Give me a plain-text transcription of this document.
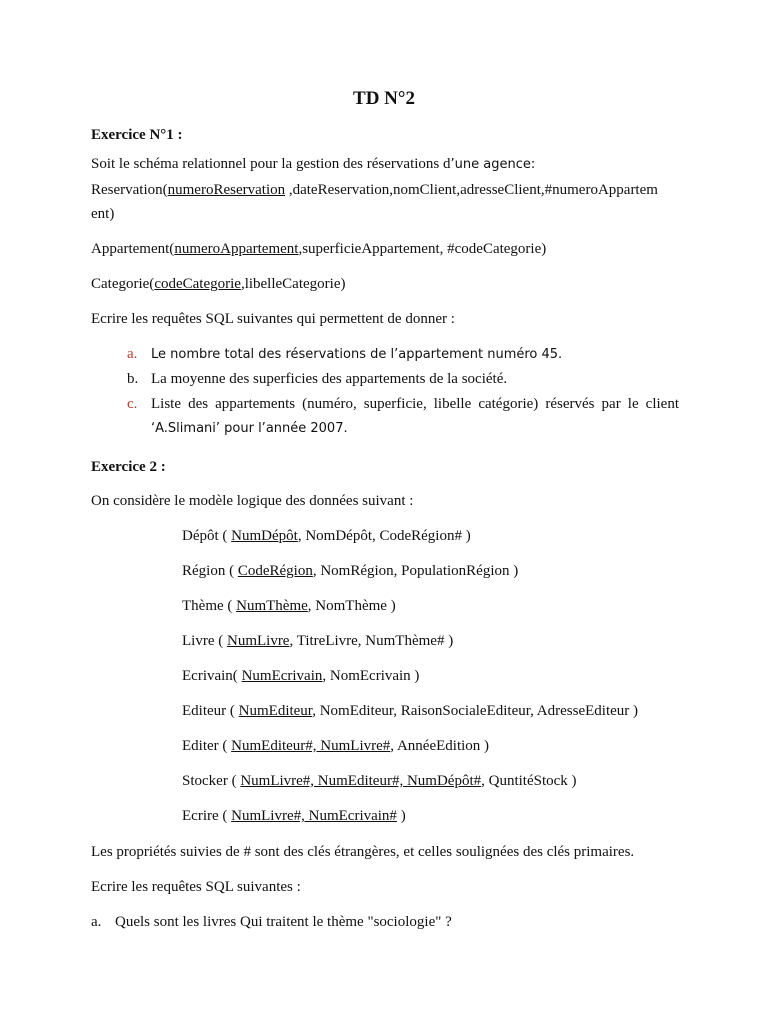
TD N°2
Exercice N°1 :
Soit le schéma relationnel pour la gestion des réservations d’une agence:
Reservation(numeroReservation ,dateReservation,nomClient,adresseClient,#numeroAppartem
ent)
Appartement(numeroAppartement,superficieAppartement, #codeCategorie)
Categorie(codeCategorie,libelleCategorie)
Ecrire les requêtes SQL suivantes qui permettent de donner :
a. Le nombre total des réservations de l’appartement numéro 45.
b. La moyenne des superficies des appartements de la société.
c. Liste des appartements (numéro, superficie, libelle catégorie) réservés par le client
‘A.Slimani’ pour l’année 2007.
Exercice 2 :
On considère le modèle logique des données suivant :
Dépôt ( NumDépôt, NomDépôt, CodeRégion# )
Région ( CodeRégion, NomRégion, PopulationRégion )
Thème ( NumThème, NomThème )
Livre ( NumLivre, TitreLivre, NumThème# )
Ecrivain( NumEcrivain, NomEcrivain )
Editeur ( NumEditeur, NomEditeur, RaisonSocialeEditeur, AdresseEditeur )
Editer ( NumEditeur#, NumLivre#, AnnéeEdition )
Stocker ( NumLivre#, NumEditeur#, NumDépôt#, QuntitéStock )
Ecrire ( NumLivre#, NumEcrivain# )
Les propriétés suivies de # sont des clés étrangères, et celles soulignées des clés primaires.
Ecrire les requêtes SQL suivantes :
a. Quels sont les livres Qui traitent le thème "sociologie" ?
